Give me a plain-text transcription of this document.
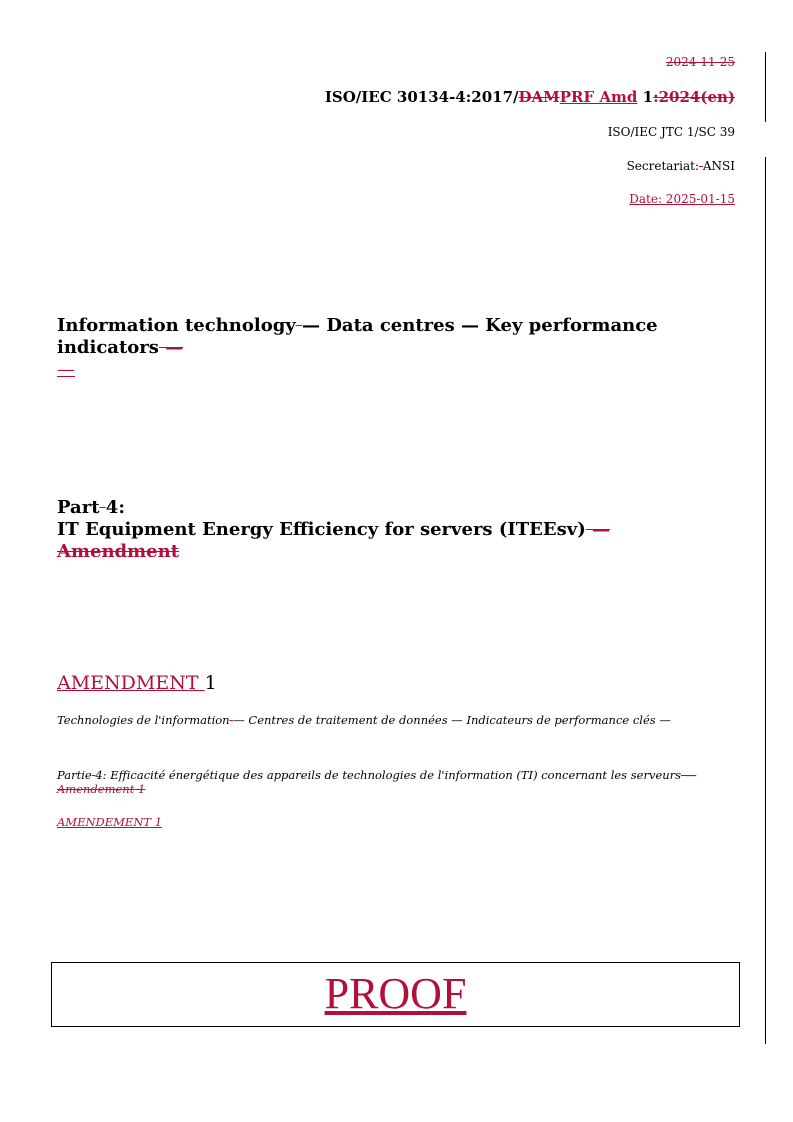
2024-11-25
ISO/IEC 30134-4:2017/DAMPRF Amd 1:2024(en)
ISO/IEC JTC 1/SC 39
Secretariat: ANSI
Date: 2025-01-15
Information technology — Data centres — Key performance indicators —
—
Part 4:
IT Equipment Energy Efficiency for servers (ITEEsv) — Amendment
AMENDMENT 1
Technologies de l'information — Centres de traitement de données — Indicateurs de performance clés —
Partie 4: Efficacité énergétique des appareils de technologies de l'information (TI) concernant les serveurs — Amendement 1
AMENDEMENT 1
PROOF
